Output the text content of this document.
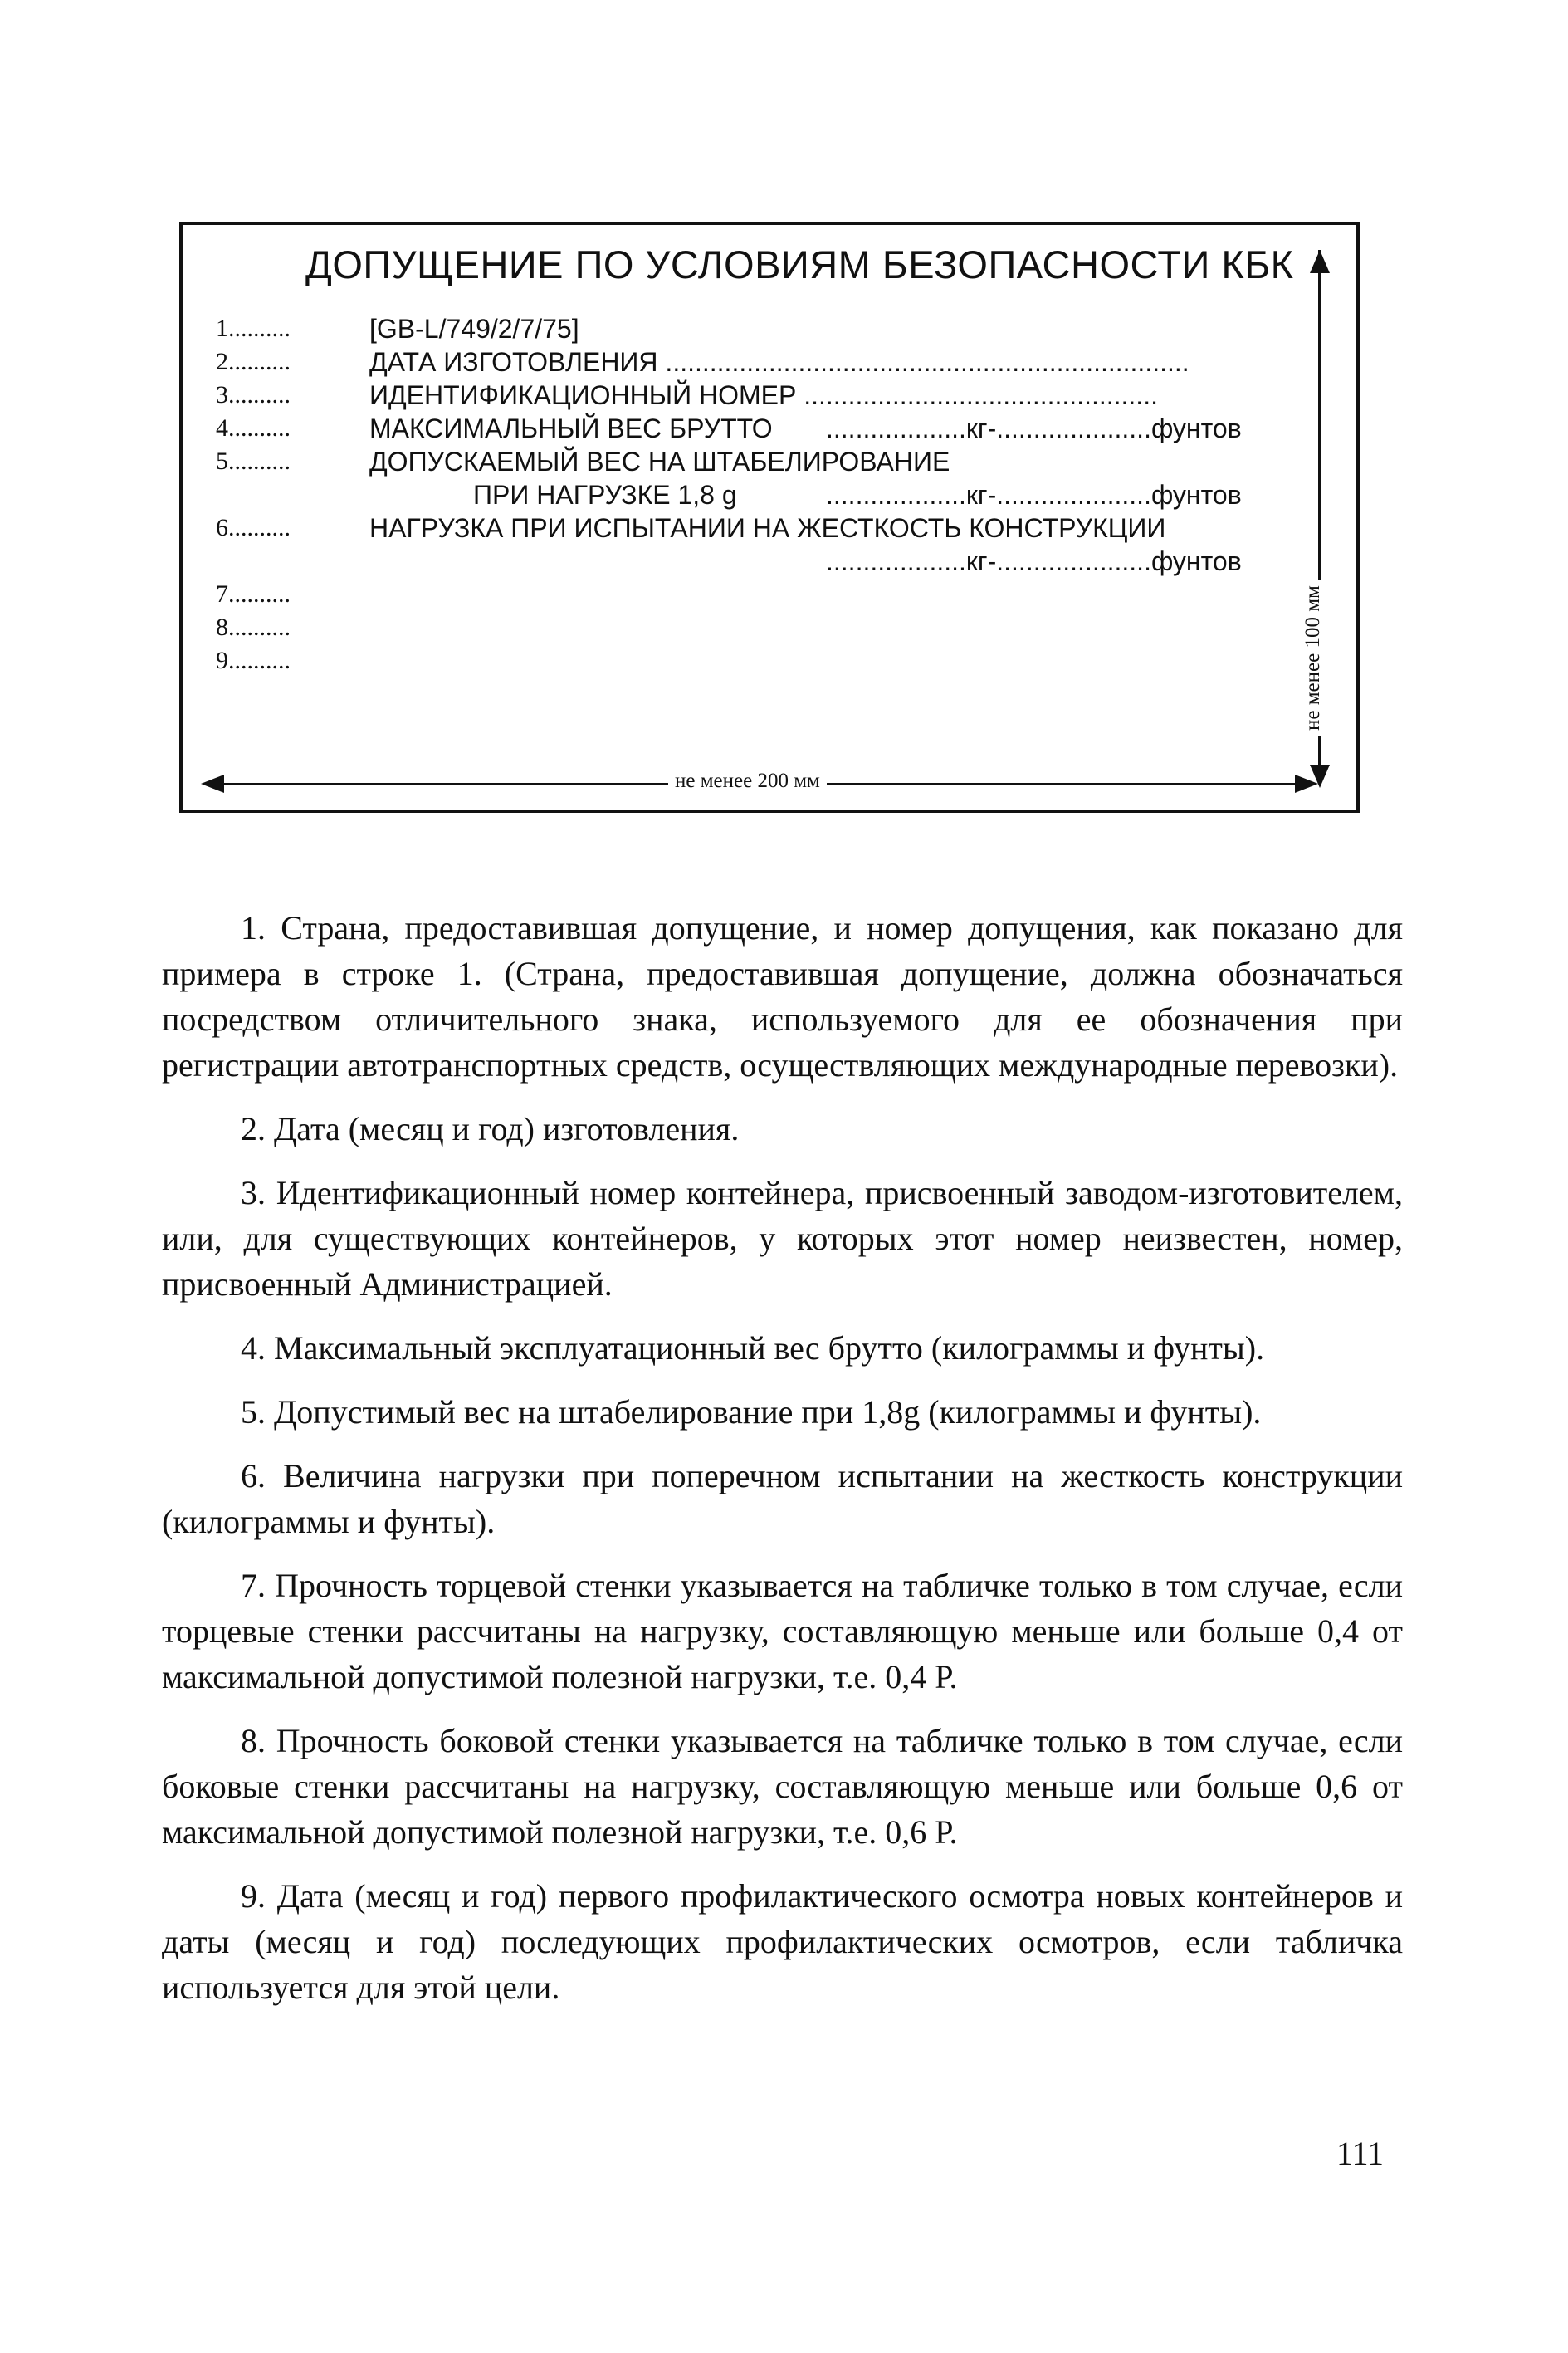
ДОПУЩЕНИЕ ПО УСЛОВИЯМ БЕЗОПАСНОСТИ КБК
1..........
2..........
3..........
4..........
5..........
6..........
7..........
8..........
9..........
[GB-L/749/2/7/75]
ДАТА ИЗГОТОВЛЕНИЯ .......................................................................
ИДЕНТИФИКАЦИОННЫЙ НОМЕР ................................................
МАКСИМАЛЬНЫЙ ВЕС БРУТТО ...................кг-.....................фунтов
ДОПУСКАЕМЫЙ ВЕС НА ШТАБЕЛИРОВАНИЕ
ПРИ НАГРУЗКЕ 1,8 g	...................кг-.....................фунтов
НАГРУЗКА ПРИ ИСПЫТАНИИ НА ЖЕСТКОСТЬ КОНСТРУКЦИИ
...................кг-.....................фунтов
не менее 100 мм
не менее 200 мм

1. Страна, предоставившая допущение, и номер допущения, как показано для примера в строке 1. (Страна, предоставившая допущение, должна обозначаться посредством отличительного знака, используемого для ее обозначения при регистрации автотранспортных средств, осуществляющих международные перевозки).

2. Дата (месяц и год) изготовления.

3. Идентификационный номер контейнера, присвоенный заводом-изготовителем, или, для существующих контейнеров, у которых этот номер неизвестен, номер, присвоенный Администрацией.

4. Максимальный эксплуатационный вес брутто (килограммы и фунты).

5. Допустимый вес на штабелирование при 1,8g (килограммы и фунты).

6. Величина нагрузки при поперечном испытании на жесткость конструкции (килограммы и фунты).

7. Прочность торцевой стенки указывается на табличке только в том случае, если торцевые стенки рассчитаны на нагрузку, составляющую меньше или больше 0,4 от максимальной допустимой полезной нагрузки, т.е. 0,4 Р.

8. Прочность боковой стенки указывается на табличке только в том случае, если боковые стенки рассчитаны на нагрузку, составляющую меньше или больше 0,6 от максимальной допустимой полезной нагрузки, т.е. 0,6 Р.

9. Дата (месяц и год) первого профилактического осмотра новых контейнеров и даты (месяц и год) последующих профилактических осмотров, если табличка используется для этой цели.

111
